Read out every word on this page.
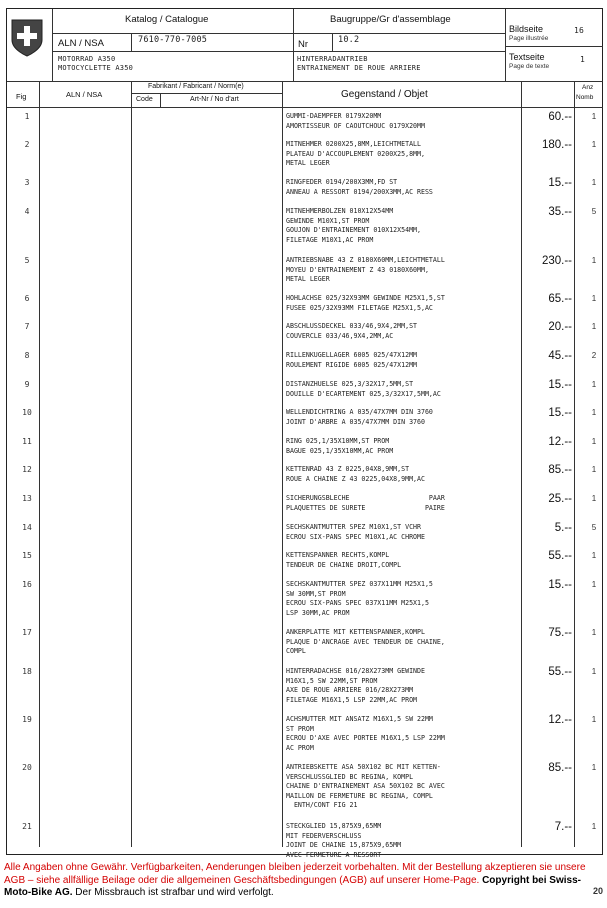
Katalog / Catalogue
ALN / NSA	7610-770-7005
Baugruppe/Gr d'assemblage
Nr	10.2
Bildseite
Page illustrée
16
Textseite
Page de texte
1
MOTORRAD A350
MOTOCYCLETTE A350
HINTERRADANTRIEB
ENTRAINEMENT DE ROUE ARRIERE
Fig	ALN / NSA
Fabrikant / Fabricant / Norm(e)
Code	Art-Nr / No d'art	Gegenstand / Objet
Anz
Nomb
1	GUMMI-DAEMPFER 0179X20MM
AMORTISSEUR OF CAOUTCHOUC 0179X20MM
60.--	1
2	MITNEHMER 0200X25,8MM,LEICHTMETALL
PLATEAU D'ACCOUPLEMENT 0200X25,8MM,
METAL LEGER
180.--	1
3	RINGFEDER 0194/200X3MM,FD ST
ANNEAU A RESSORT 0194/200X3MM,AC RESS
15.--	1
4	MITNEHMERBOLZEN 010X12X54MM
GEWINDE M10X1,ST PROM
GOUJON D'ENTRAINEMENT 010X12X54MM,
FILETAGE M10X1,AC PROM
35.--	5
5	ANTRIEBSNABE 43 Z 0180X60MM,LEICHTMETALL
MOYEU D'ENTRAINEMENT Z 43 0180X60MM,
METAL LEGER
230.--	1
6	HOHLACHSE 025/32X93MM GEWINDE M25X1,5,ST
FUSEE 025/32X93MM FILETAGE M25X1,5,AC
65.--	1
7	ABSCHLUSSDECKEL 033/46,9X4,2MM,ST
COUVERCLE 033/46,9X4,2MM,AC
20.--	1
8	RILLENKUGELLAGER 6005 025/47X12MM
ROULEMENT RIGIDE 6005 025/47X12MM
45.--	2
9	DISTANZHUELSE 025,3/32X17,5MM,ST
DOUILLE D'ECARTEMENT 025,3/32X17,5MM,AC
15.--	1
10	WELLENDICHTRING A 035/47X7MM DIN 3760
JOINT D'ARBRE A 035/47X7MM DIN 3760
15.--	1
11	RING 025,1/35X10MM,ST PROM
BAGUE 025,1/35X10MM,AC PROM
12.--	1
12	KETTENRAD 43 Z 0225,04X8,9MM,ST
ROUE A CHAINE Z 43 0225,04X8,9MM,AC
85.--	1
13	SICHERUNGSBLECHE                    PAAR
PLAQUETTES DE SURETE               PAIRE
25.--	1
14	SECHSKANTMUTTER SPEZ M10X1,ST VCHR
ECROU SIX-PANS SPEC M10X1,AC CHROME
5.--	5
15	KETTENSPANNER RECHTS,KOMPL
TENDEUR DE CHAINE DROIT,COMPL
55.--	1
16	SECHSKANTMUTTER SPEZ 037X11MM M25X1,5
SW 30MM,ST PROM
ECROU SIX-PANS SPEC 037X11MM M25X1,5
LSP 30MM,AC PROM
15.--	1
17	ANKERPLATTE MIT KETTENSPANNER,KOMPL
PLAQUE D'ANCRAGE AVEC TENDEUR DE CHAINE,
COMPL
75.--	1
18	HINTERRADACHSE 016/28X273MM GEWINDE
M16X1,5 SW 22MM,ST PROM
AXE DE ROUE ARRIERE 016/28X273MM
FILETAGE M16X1,5 LSP 22MM,AC PROM
55.--	1
19	ACHSMUTTER MIT ANSATZ M16X1,5 SW 22MM
ST PROM
ECROU D'AXE AVEC PORTEE M16X1,5 LSP 22MM
AC PROM
12.--	1
20	ANTRIEBSKETTE ASA 50X102 BC MIT KETTEN-
VERSCHLUSSGLIED BC REGINA, KOMPL
CHAINE D'ENTRAINEMENT ASA 50X102 BC AVEC
MAILLON DE FERMETURE BC REGINA, COMPL
ENTH/CONT FIG 21
85.--	1
21	STECKGLIED 15,875X9,65MM
MIT FEDERVERSCHLUSS
JOINT DE CHAINE 15,875X9,65MM
AVEC FERMETURE A RESSORT
7.--	1
Alle Angaben ohne Gewähr. Verfügbarkeiten, Aenderungen bleiben jederzeit vorbehalten. Mit der Bestellung akzeptieren sie unsere AGB – siehe allfällige Beilage oder die allgemeinen Geschäftsbedingungen (AGB) auf unserer Home-Page. Copyright bei Swiss-Moto-Bike AG. Der Missbrauch ist strafbar und wird verfolgt.	20
